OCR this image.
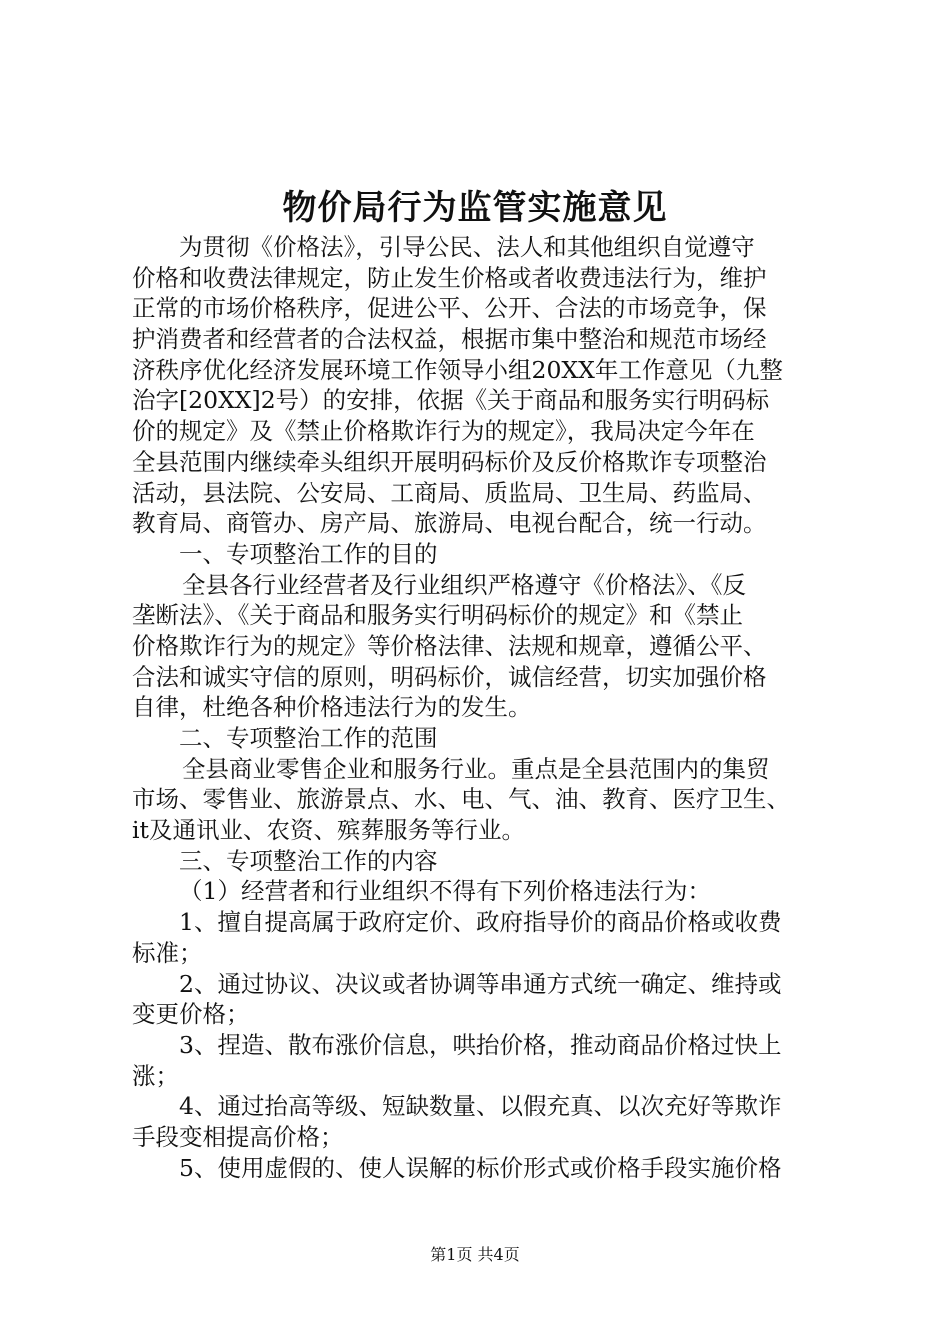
物价局行为监管实施意见
为贯彻《价格法》，引导公民、法人和其他组织自觉遵守
价格和收费法律规定，防止发生价格或者收费违法行为，维护
正常的市场价格秩序，促进公平、公开、合法的市场竞争，保
护消费者和经营者的合法权益，根据市集中整治和规范市场经
济秩序优化经济发展环境工作领导小组20XX年工作意见（九整
治字[20XX]2号）的安排，依据《关于商品和服务实行明码标
价的规定》及《禁止价格欺诈行为的规定》，我局决定今年在
全县范围内继续牵头组织开展明码标价及反价格欺诈专项整治
活动，县法院、公安局、工商局、质监局、卫生局、药监局、
教育局、商管办、房产局、旅游局、电视台配合，统一行动。
一、专项整治工作的目的
全县各行业经营者及行业组织严格遵守《价格法》、《反
垄断法》、《关于商品和服务实行明码标价的规定》和《禁止
价格欺诈行为的规定》等价格法律、法规和规章，遵循公平、
合法和诚实守信的原则，明码标价，诚信经营，切实加强价格
自律，杜绝各种价格违法行为的发生。
二、专项整治工作的范围
全县商业零售企业和服务行业。重点是全县范围内的集贸
市场、零售业、旅游景点、水、电、气、油、教育、医疗卫生、
it及通讯业、农资、殡葬服务等行业。
三、专项整治工作的内容
（1）经营者和行业组织不得有下列价格违法行为：
1、擅自提高属于政府定价、政府指导价的商品价格或收费
标准；
2、通过协议、决议或者协调等串通方式统一确定、维持或
变更价格；
3、捏造、散布涨价信息，哄抬价格，推动商品价格过快上
涨；
4、通过抬高等级、短缺数量、以假充真、以次充好等欺诈
手段变相提高价格；
5、使用虚假的、使人误解的标价形式或价格手段实施价格
第1页 共4页
